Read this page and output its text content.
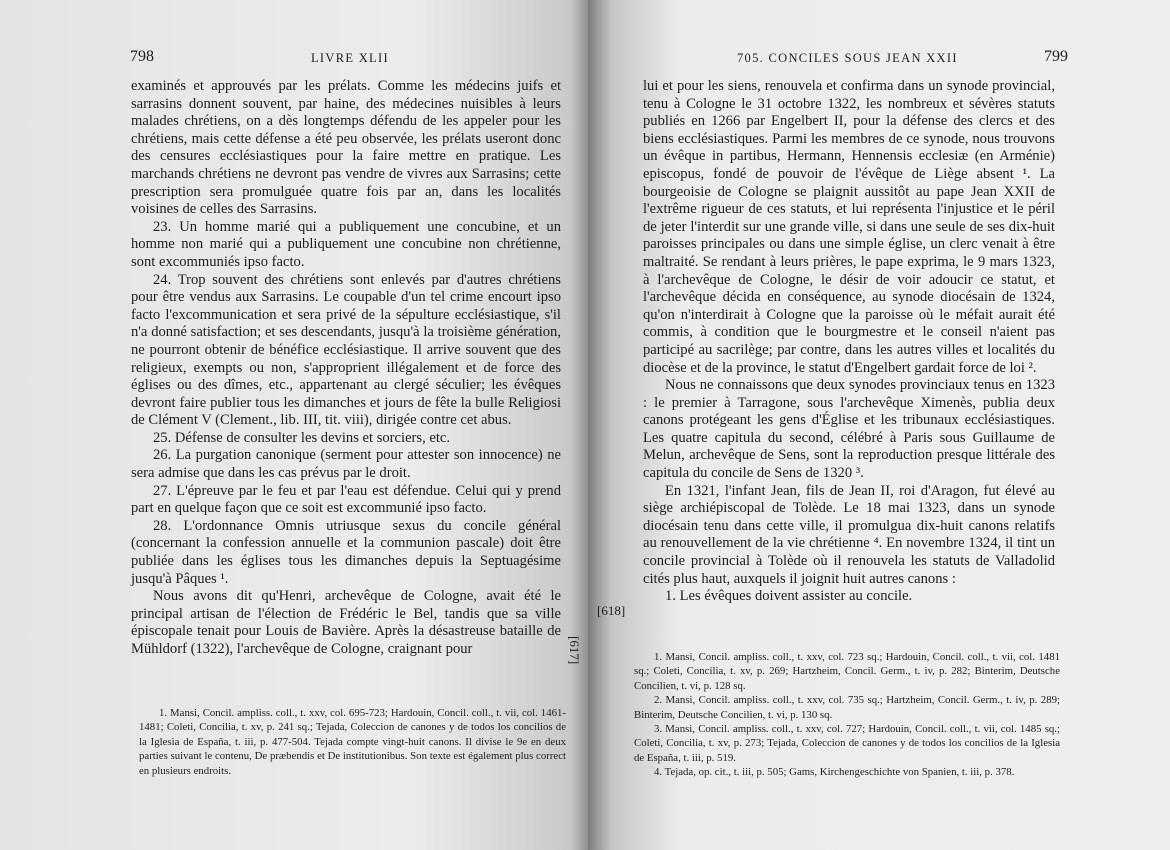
798	LIVRE XLII

examinés et approuvés par les prélats. Comme les médecins juifs et sarrasins donnent souvent, par haine, des médecines nuisibles à leurs malades chrétiens, on a dès longtemps défendu de les appeler pour les chrétiens, mais cette défense a été peu observée, les prélats useront donc des censures ecclésiastiques pour la faire mettre en pratique. Les marchands chrétiens ne devront pas vendre de vivres aux Sarrasins; cette prescription sera promulguée quatre fois par an, dans les localités voisines de celles des Sarrasins.

23. Un homme marié qui a publiquement une concubine, et un homme non marié qui a publiquement une concubine non chrétienne, sont excommuniés ipso facto.

24. Trop souvent des chrétiens sont enlevés par d'autres chrétiens pour être vendus aux Sarrasins. Le coupable d'un tel crime encourt ipso facto l'excommunication et sera privé de la sépulture ecclésiastique, s'il n'a donné satisfaction; et ses descendants, jusqu'à la troisième génération, ne pourront obtenir de bénéfice ecclésiastique. Il arrive souvent que des religieux, exempts ou non, s'approprient illégalement et de force des églises ou des dîmes, etc., appartenant au clergé séculier; les évêques devront faire publier tous les dimanches et jours de fête la bulle Religiosi de Clément V (Clement., lib. III, tit. viii), dirigée contre cet abus.

25. Défense de consulter les devins et sorciers, etc.

26. La purgation canonique (serment pour attester son innocence) ne sera admise que dans les cas prévus par le droit.

27. L'épreuve par le feu et par l'eau est défendue. Celui qui y prend part en quelque façon que ce soit est excommunié ipso facto.

28. L'ordonnance Omnis utriusque sexus du concile général (concernant la confession annuelle et la communion pascale) doit être publiée dans les églises tous les dimanches depuis la Septuagésime jusqu'à Pâques ¹.

Nous avons dit qu'Henri, archevêque de Cologne, avait été le principal artisan de l'élection de Frédéric le Bel, tandis que sa ville épiscopale tenait pour Louis de Bavière. Après la désastreuse bataille de Mühldorf (1322), l'archevêque de Cologne, craignant pour

1. Mansi, Concil. ampliss. coll., t. xxv, col. 695-723; Hardouin, Concil. coll., t. vii, col. 1461-1481; Coleti, Concilia, t. xv, p. 241 sq.; Tejada, Coleccion de canones y de todos los concilios de la Iglesia de España, t. iii, p. 477-504. Tejada compte vingt-huit canons. Il divise le 9e en deux parties suivant le contenu, De præbendis et De institutionibus. Son texte est également plus correct en plusieurs endroits.

[617]
705. CONCILES SOUS JEAN XXII	799

lui et pour les siens, renouvela et confirma dans un synode provincial, tenu à Cologne le 31 octobre 1322, les nombreux et sévères statuts publiés en 1266 par Engelbert II, pour la défense des clercs et des biens ecclésiastiques. Parmi les membres de ce synode, nous trouvons un évêque in partibus, Hermann, Hennensis ecclesiæ (en Arménie) episcopus, fondé de pouvoir de l'évêque de Liège absent ¹. La bourgeoisie de Cologne se plaignit aussitôt au pape Jean XXII de l'extrême rigueur de ces statuts, et lui représenta l'injustice et le péril de jeter l'interdit sur une grande ville, si dans une seule de ses dix-huit paroisses principales ou dans une simple église, un clerc venait à être maltraité. Se rendant à leurs prières, le pape exprima, le 9 mars 1323, à l'archevêque de Cologne, le désir de voir adoucir ce statut, et l'archevêque décida en conséquence, au synode diocésain de 1324, qu'on n'interdirait à Cologne que la paroisse où le méfait aurait été commis, à condition que le bourgmestre et le conseil n'aient pas participé au sacrilège; par contre, dans les autres villes et localités du diocèse et de la province, le statut d'Engelbert gardait force de loi ².

Nous ne connaissons que deux synodes provinciaux tenus en 1323 : le premier à Tarragone, sous l'archevêque Ximenès, publia deux canons protégeant les gens d'Église et les tribunaux ecclésiastiques. Les quatre capitula du second, célébré à Paris sous Guillaume de Melun, archevêque de Sens, sont la reproduction presque littérale des capitula du concile de Sens de 1320 ³.

En 1321, l'infant Jean, fils de Jean II, roi d'Aragon, fut élevé au siège archiépiscopal de Tolède. Le 18 mai 1323, dans un synode diocésain tenu dans cette ville, il promulgua dix-huit canons relatifs au renouvellement de la vie chrétienne ⁴. En novembre 1324, il tint un concile provincial à Tolède où il renouvela les statuts de Valladolid cités plus haut, auxquels il joignit huit autres canons :

1. Les évêques doivent assister au concile.

[618]

1. Mansi, Concil. ampliss. coll., t. xxv, col. 723 sq.; Hardouin, Concil. coll., t. vii, col. 1481 sq.; Coleti, Concilia, t. xv, p. 269; Hartzheim, Concil. Germ., t. iv, p. 282; Binterim, Deutsche Concilien, t. vi, p. 128 sq.

2. Mansi, Concil. ampliss. coll., t. xxv, col. 735 sq.; Hartzheim, Concil. Germ., t. iv, p. 289; Binterim, Deutsche Concilien, t. vi, p. 130 sq.

3. Mansi, Concil. ampliss. coll., t. xxv, col. 727; Hardouin, Concil. coll., t. vii, col. 1485 sq.; Coleti, Concilia, t. xv, p. 273; Tejada, Coleccion de canones y de todos los concilios de la Iglesia de España, t. iii, p. 519.

4. Tejada, op. cit., t. iii, p. 505; Gams, Kirchengeschichte von Spanien, t. iii, p. 378.
